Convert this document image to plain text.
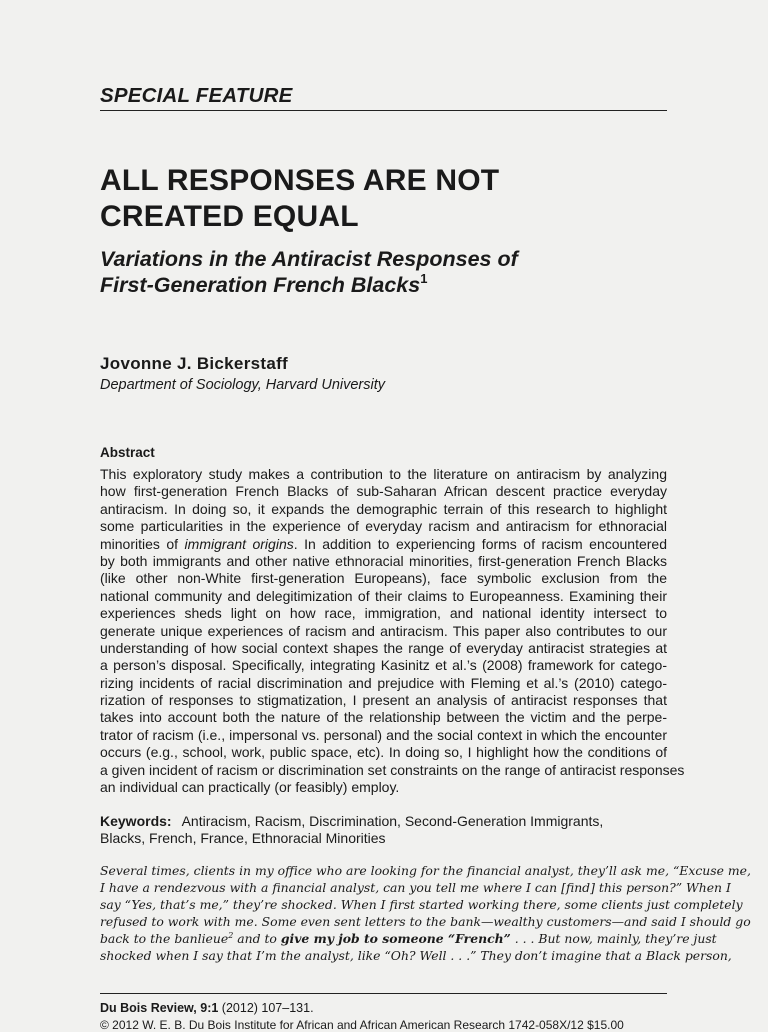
SPECIAL FEATURE
ALL RESPONSES ARE NOT
CREATED EQUAL
Variations in the Antiracist Responses of
First-Generation French Blacks$^1$
Jovonne J. Bickerstaff
Department of Sociology, Harvard University
Abstract
This exploratory study makes a contribution to the literature on antiracism by analyzing
how first-generation French Blacks of sub-Saharan African descent practice everyday
antiracism. In doing so, it expands the demographic terrain of this research to highlight
some particularities in the experience of everyday racism and antiracism for ethnoracial
minorities of immigrant origins. In addition to experiencing forms of racism encountered
by both immigrants and other native ethnoracial minorities, first-generation French Blacks
(like other non-White first-generation Europeans), face symbolic exclusion from the
national community and delegitimization of their claims to Europeanness. Examining their
experiences sheds light on how race, immigration, and national identity intersect to
generate unique experiences of racism and antiracism. This paper also contributes to our
understanding of how social context shapes the range of everyday antiracist strategies at
a person’s disposal. Specifically, integrating Kasinitz et al.’s (2008) framework for catego-
rizing incidents of racial discrimination and prejudice with Fleming et al.’s (2010) catego-
rization of responses to stigmatization, I present an analysis of antiracist responses that
takes into account both the nature of the relationship between the victim and the perpe-
trator of racism (i.e., impersonal vs. personal) and the social context in which the encounter
occurs (e.g., school, work, public space, etc). In doing so, I highlight how the conditions of
a given incident of racism or discrimination set constraints on the range of antiracist responses
an individual can practically (or feasibly) employ.
Keywords: Antiracism, Racism, Discrimination, Second-Generation Immigrants,
Blacks, French, France, Ethnoracial Minorities
Several times, clients in my office who are looking for the financial analyst, they’ll ask me, “Excuse me,
I have a rendezvous with a financial analyst, can you tell me where I can [find] this person?” When I
say “Yes, that’s me,” they’re shocked. When I first started working there, some clients just completely
refused to work with me. Some even sent letters to the bank—wealthy customers—and said I should go
back to the banlieue$^2$ and to give my job to someone “French” . . . But now, mainly, they’re just
shocked when I say that I’m the analyst, like “Oh? Well . . .” They don’t imagine that a Black person,
Du Bois Review, 9:1 (2012) 107–131.
© 2012 W. E. B. Du Bois Institute for African and African American Research 1742-058X/12 $15.00
